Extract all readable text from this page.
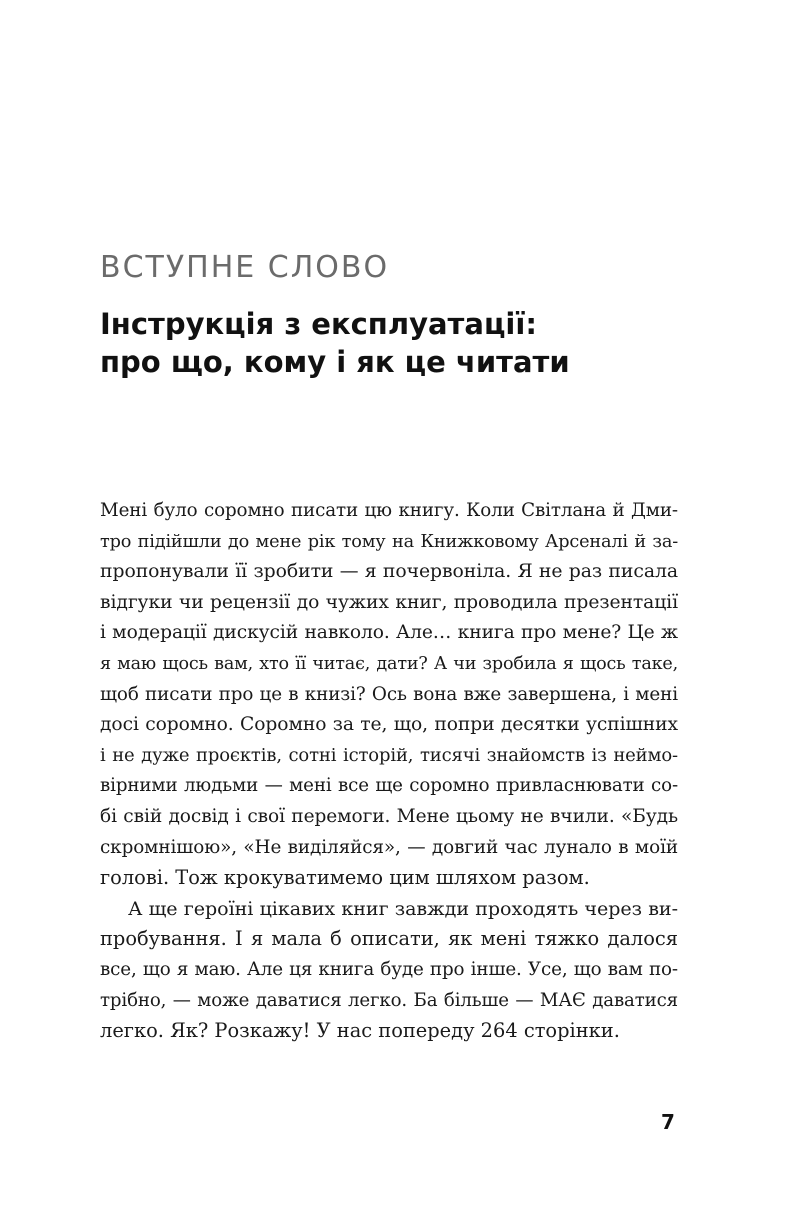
ВСТУПНЕ СЛОВО
Інструкція з експлуатації:
про що, кому і як це читати
Мені було соромно писати цю книгу. Коли Світлана й Дми-
тро підійшли до мене рік тому на Книжковому Арсеналі й за-
пропонували її зробити — я почервоніла. Я не раз писала
відгуки чи рецензії до чужих книг, проводила презентації
і модерації дискусій навколо. Але… книга про мене? Це ж
я маю щось вам, хто її читає, дати? А чи зробила я щось таке,
щоб писати про це в книзі? Ось вона вже завершена, і мені
досі соромно. Соромно за те, що, попри десятки успішних
і не дуже проєктів, сотні історій, тисячі знайомств із неймо-
вірними людьми — мені все ще соромно привласнювати со-
бі свій досвід і свої перемоги. Мене цьому не вчили. «Будь
скромнішою», «Не виділяйся», — довгий час лунало в моїй
голові. Тож крокуватимемо цим шляхом разом.
А ще героїні цікавих книг завжди проходять через ви-
пробування. І я мала б описати, як мені тяжко далося
все, що я маю. Але ця книга буде про інше. Усе, що вам по-
трібно, — може даватися легко. Ба більше — МАЄ даватися
легко. Як? Розкажу! У нас попереду 264 сторінки.
7
